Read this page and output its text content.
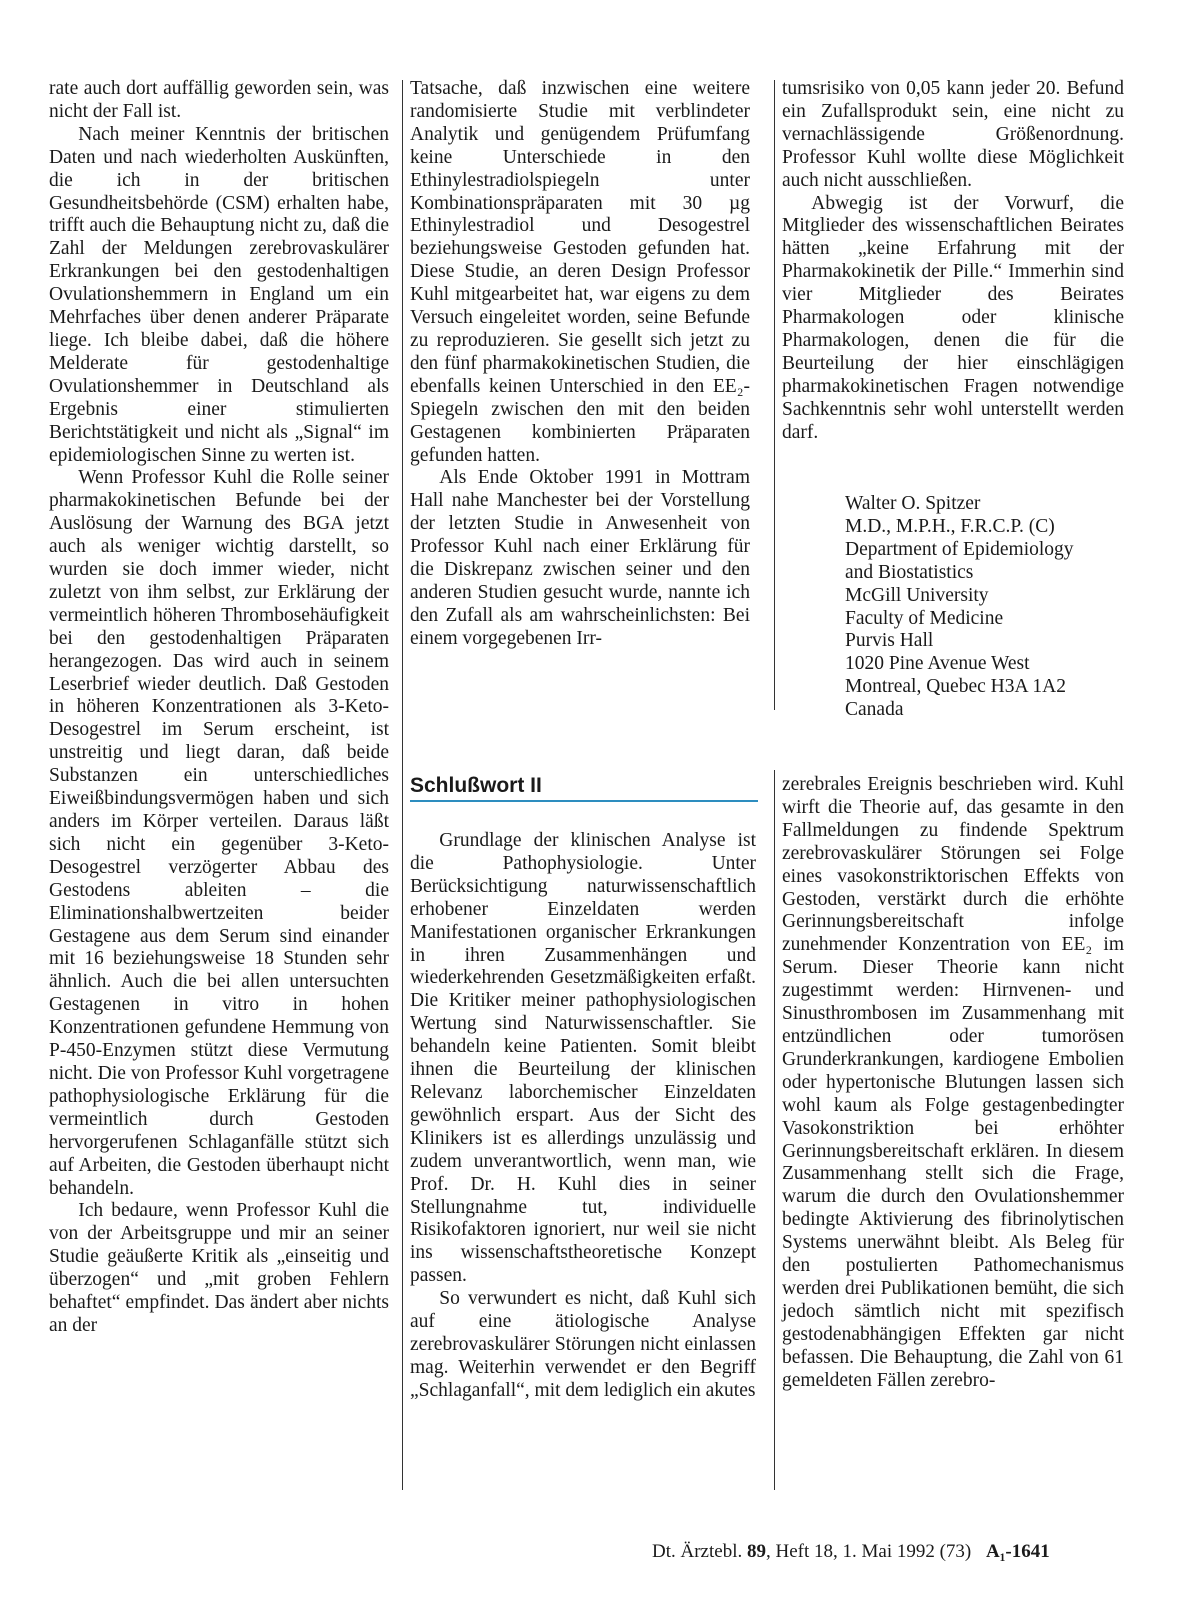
rate auch dort auffällig geworden sein, was nicht der Fall ist.

Nach meiner Kenntnis der britischen Daten und nach wiederholten Auskünften, die ich in der britischen Gesundheitsbehörde (CSM) erhalten habe, trifft auch die Behauptung nicht zu, daß die Zahl der Meldungen zerebrovaskulärer Erkrankungen bei den gestodenhaltigen Ovulationshemmern in England um ein Mehrfaches über denen anderer Präparate liege. Ich bleibe dabei, daß die höhere Melderate für gestodenhaltige Ovulationshemmer in Deutschland als Ergebnis einer stimulierten Berichtstätigkeit und nicht als „Signal“ im epidemiologischen Sinne zu werten ist.

Wenn Professor Kuhl die Rolle seiner pharmakokinetischen Befunde bei der Auslösung der Warnung des BGA jetzt auch als weniger wichtig darstellt, so wurden sie doch immer wieder, nicht zuletzt von ihm selbst, zur Erklärung der vermeintlich höheren Thrombosehäufigkeit bei den gestodenhaltigen Präparaten herangezogen. Das wird auch in seinem Leserbrief wieder deutlich. Daß Gestoden in höheren Konzentrationen als 3-Keto-Desogestrel im Serum erscheint, ist unstreitig und liegt daran, daß beide Substanzen ein unterschiedliches Eiweißbindungsvermögen haben und sich anders im Körper verteilen. Daraus läßt sich nicht ein gegenüber 3-Keto-Desogestrel verzögerter Abbau des Gestodens ableiten – die Eliminationshalbwertzeiten beider Gestagene aus dem Serum sind einander mit 16 beziehungsweise 18 Stunden sehr ähnlich. Auch die bei allen untersuchten Gestagenen in vitro in hohen Konzentrationen gefundene Hemmung von P-450-Enzymen stützt diese Vermutung nicht. Die von Professor Kuhl vorgetragene pathophysiologische Erklärung für die vermeintlich durch Gestoden hervorgerufenen Schlaganfälle stützt sich auf Arbeiten, die Gestoden überhaupt nicht behandeln.

Ich bedaure, wenn Professor Kuhl die von der Arbeitsgruppe und mir an seiner Studie geäußerte Kritik als „einseitig und überzogen“ und „mit groben Fehlern behaftet“ empfindet. Das ändert aber nichts an der

Tatsache, daß inzwischen eine weitere randomisierte Studie mit verblindeter Analytik und genügendem Prüfumfang keine Unterschiede in den Ethinylestradiolspiegeln unter Kombinationspräparaten mit 30 µg Ethinylestradiol und Desogestrel beziehungsweise Gestoden gefunden hat. Diese Studie, an deren Design Professor Kuhl mitgearbeitet hat, war eigens zu dem Versuch eingeleitet worden, seine Befunde zu reproduzieren. Sie gesellt sich jetzt zu den fünf pharmakokinetischen Studien, die ebenfalls keinen Unterschied in den EE₂-Spiegeln zwischen den mit den beiden Gestagenen kombinierten Präparaten gefunden hatten.

Als Ende Oktober 1991 in Mottram Hall nahe Manchester bei der Vorstellung der letzten Studie in Anwesenheit von Professor Kuhl nach einer Erklärung für die Diskrepanz zwischen seiner und den anderen Studien gesucht wurde, nannte ich den Zufall als am wahrscheinlichsten: Bei einem vorgegebenen Irr-

tumsrisiko von 0,05 kann jeder 20. Befund ein Zufallsprodukt sein, eine nicht zu vernachlässigende Größenordnung. Professor Kuhl wollte diese Möglichkeit auch nicht ausschließen.

Abwegig ist der Vorwurf, die Mitglieder des wissenschaftlichen Beirates hätten „keine Erfahrung mit der Pharmakokinetik der Pille.“ Immerhin sind vier Mitglieder des Beirates Pharmakologen oder klinische Pharmakologen, denen die für die Beurteilung der hier einschlägigen pharmakokinetischen Fragen notwendige Sachkenntnis sehr wohl unterstellt werden darf.

Walter O. Spitzer
M.D., M.P.H., F.R.C.P. (C)
Department of Epidemiology
and Biostatistics
McGill University
Faculty of Medicine
Purvis Hall
1020 Pine Avenue West
Montreal, Quebec H3A 1A2
Canada
Schlußwort II

Grundlage der klinischen Analyse ist die Pathophysiologie. Unter Berücksichtigung naturwissenschaftlich erhobener Einzeldaten werden Manifestationen organischer Erkrankungen in ihren Zusammenhängen und wiederkehrenden Gesetzmäßigkeiten erfaßt. Die Kritiker meiner pathophysiologischen Wertung sind Naturwissenschaftler. Sie behandeln keine Patienten. Somit bleibt ihnen die Beurteilung der klinischen Relevanz laborchemischer Einzeldaten gewöhnlich erspart. Aus der Sicht des Klinikers ist es allerdings unzulässig und zudem unverantwortlich, wenn man, wie Prof. Dr. H. Kuhl dies in seiner Stellungnahme tut, individuelle Risikofaktoren ignoriert, nur weil sie nicht ins wissenschaftstheoretische Konzept passen.

So verwundert es nicht, daß Kuhl sich auf eine ätiologische Analyse zerebrovaskulärer Störungen nicht einlassen mag. Weiterhin verwendet er den Begriff „Schlaganfall“, mit dem lediglich ein akutes

zerebrales Ereignis beschrieben wird. Kuhl wirft die Theorie auf, das gesamte in den Fallmeldungen zu findende Spektrum zerebrovaskulärer Störungen sei Folge eines vasokonstriktorischen Effekts von Gestoden, verstärkt durch die erhöhte Gerinnungsbereitschaft infolge zunehmender Konzentration von EE₂ im Serum. Dieser Theorie kann nicht zugestimmt werden: Hirnvenen- und Sinusthrombosen im Zusammenhang mit entzündlichen oder tumorösen Grunderkrankungen, kardiogene Embolien oder hypertonische Blutungen lassen sich wohl kaum als Folge gestagenbedingter Vasokonstriktion bei erhöhter Gerinnungsbereitschaft erklären. In diesem Zusammenhang stellt sich die Frage, warum die durch den Ovulationshemmer bedingte Aktivierung des fibrinolytischen Systems unerwähnt bleibt. Als Beleg für den postulierten Pathomechanismus werden drei Publikationen bemüht, die sich jedoch sämtlich nicht mit spezifisch gestodenabhängigen Effekten gar nicht befassen. Die Behauptung, die Zahl von 61 gemeldeten Fällen zerebro-

Dt. Ärztebl. 89, Heft 18, 1. Mai 1992 (73) A₁-1641
